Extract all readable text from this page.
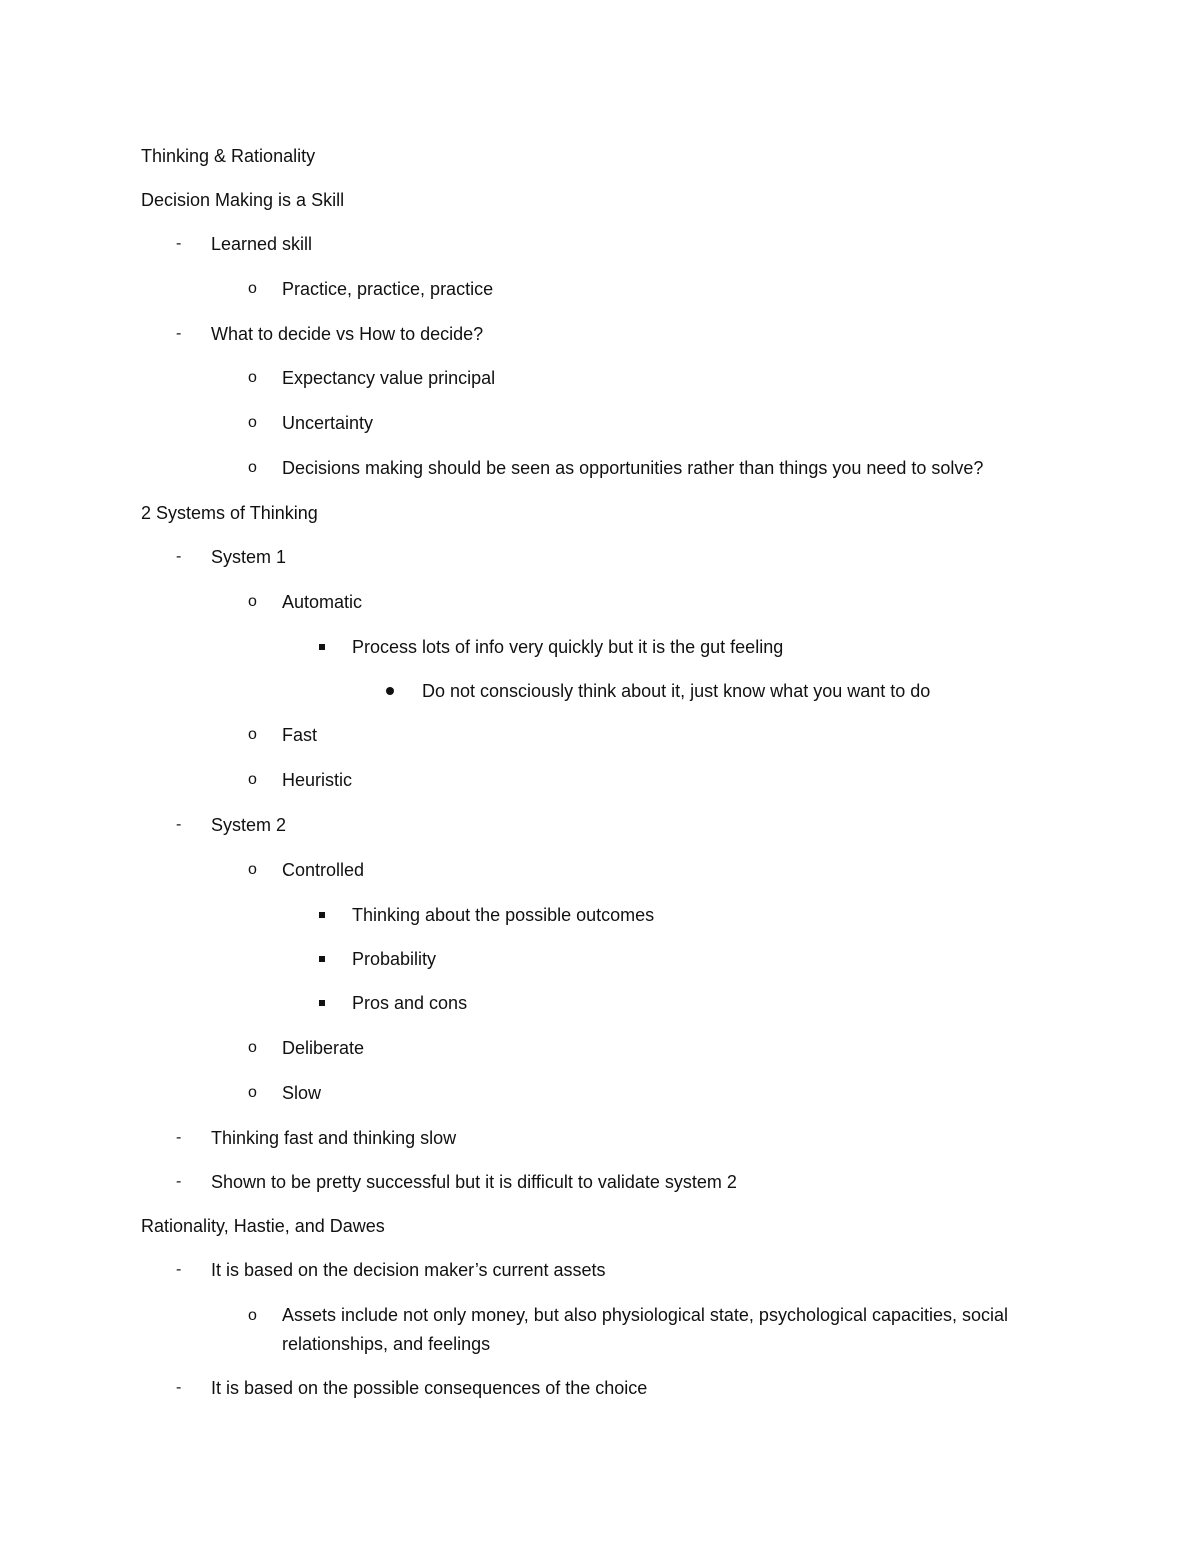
Thinking & Rationality
Decision Making is a Skill
- Learned skill
o Practice, practice, practice
- What to decide vs How to decide?
o Expectancy value principal
o Uncertainty
o Decisions making should be seen as opportunities rather than things you need to solve?
2 Systems of Thinking
- System 1
o Automatic
Process lots of info very quickly but it is the gut feeling
Do not consciously think about it, just know what you want to do
o Fast
o Heuristic
- System 2
o Controlled
Thinking about the possible outcomes
Probability
Pros and cons
o Deliberate
o Slow
- Thinking fast and thinking slow
- Shown to be pretty successful but it is difficult to validate system 2
Rationality, Hastie, and Dawes
- It is based on the decision maker’s current assets
o Assets include not only money, but also physiological state, psychological capacities, social relationships, and feelings
- It is based on the possible consequences of the choice
